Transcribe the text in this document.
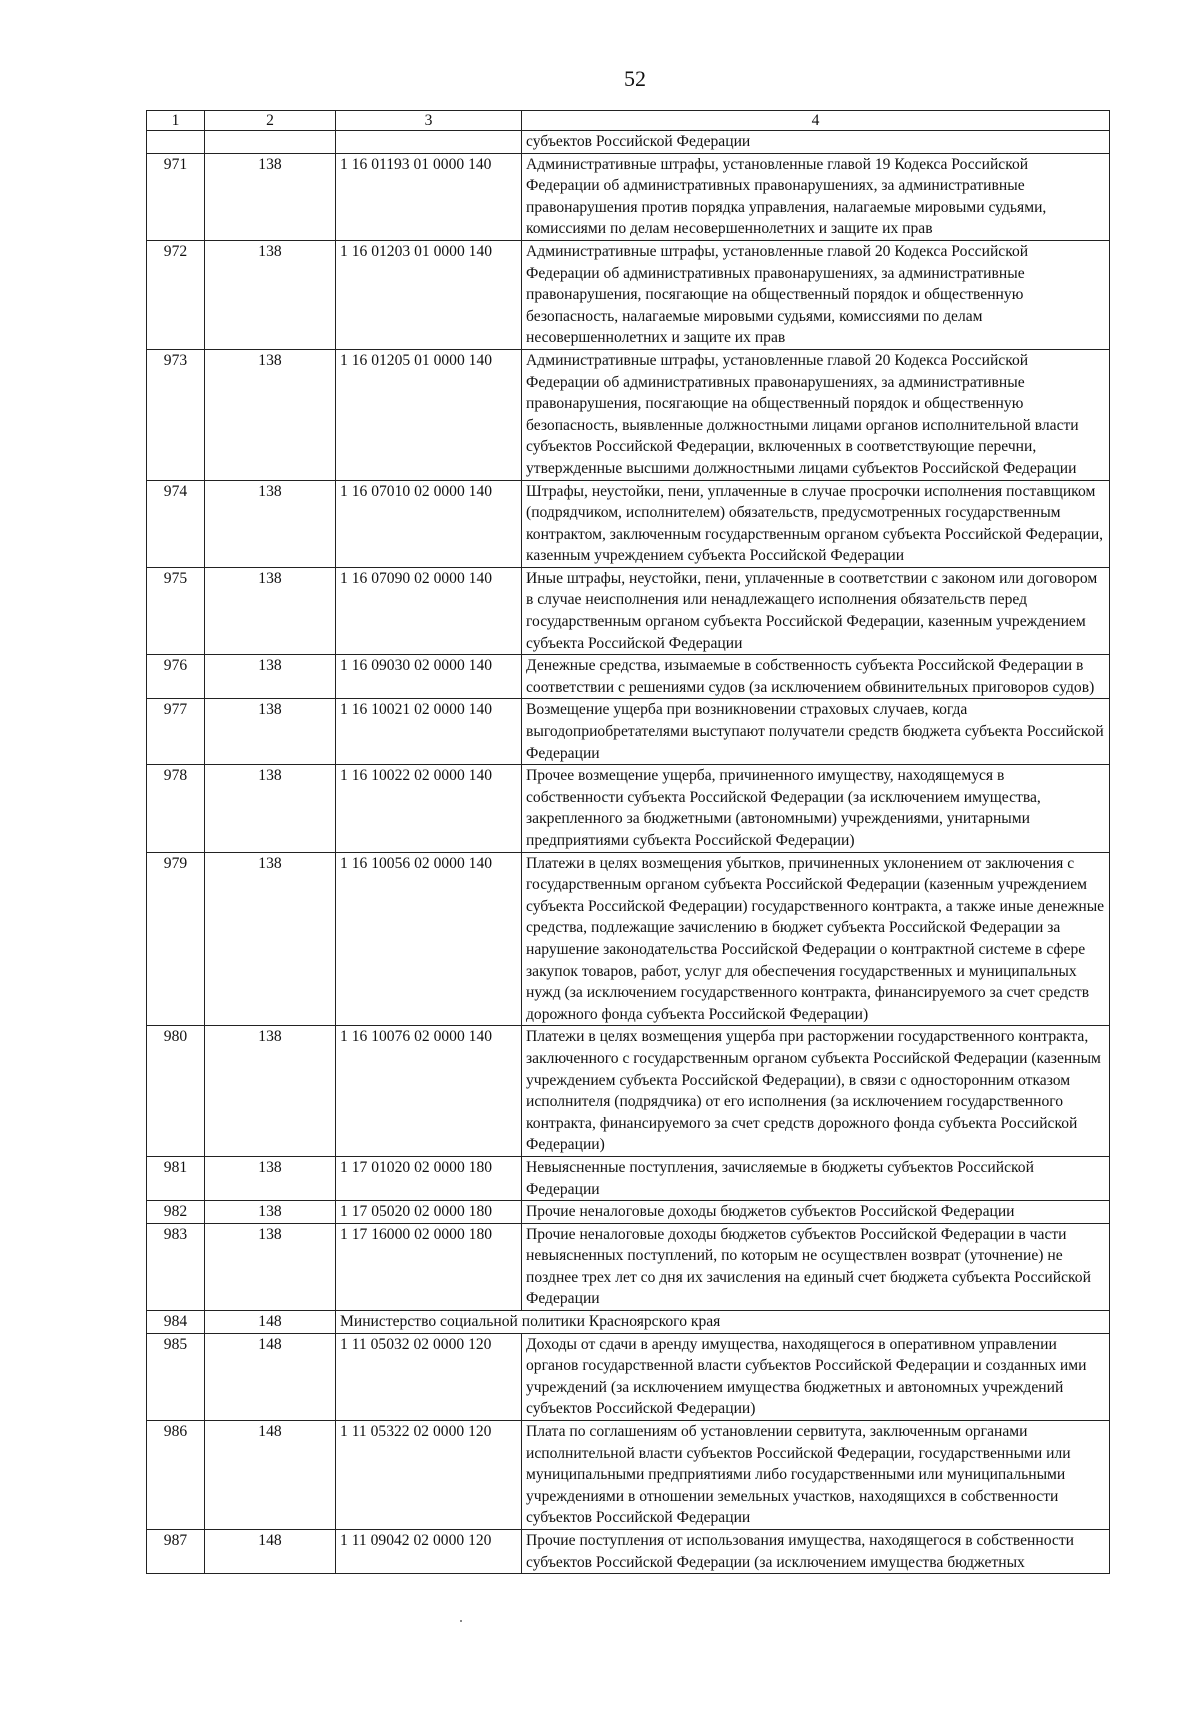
52
1	2	3	4
			субъектов Российской Федерации
971	138	1 16 01193 01 0000 140	Административные штрафы, установленные главой 19 Кодекса Российской Федерации об административных правонарушениях, за административные правонарушения против порядка управления, налагаемые мировыми судьями, комиссиями по делам несовершеннолетних и защите их прав
972	138	1 16 01203 01 0000 140	Административные штрафы, установленные главой 20 Кодекса Российской Федерации об административных правонарушениях, за административные правонарушения, посягающие на общественный порядок и общественную безопасность, налагаемые мировыми судьями, комиссиями по делам несовершеннолетних и защите их прав
973	138	1 16 01205 01 0000 140	Административные штрафы, установленные главой 20 Кодекса Российской Федерации об административных правонарушениях, за административные правонарушения, посягающие на общественный порядок и общественную безопасность, выявленные должностными лицами органов исполнительной власти субъектов Российской Федерации, включенных в соответствующие перечни, утвержденные высшими должностными лицами субъектов Российской Федерации
974	138	1 16 07010 02 0000 140	Штрафы, неустойки, пени, уплаченные в случае просрочки исполнения поставщиком (подрядчиком, исполнителем) обязательств, предусмотренных государственным контрактом, заключенным государственным органом субъекта Российской Федерации, казенным учреждением субъекта Российской Федерации
975	138	1 16 07090 02 0000 140	Иные штрафы, неустойки, пени, уплаченные в соответствии с законом или договором в случае неисполнения или ненадлежащего исполнения обязательств перед государственным органом субъекта Российской Федерации, казенным учреждением субъекта Российской Федерации
976	138	1 16 09030 02 0000 140	Денежные средства, изымаемые в собственность субъекта Российской Федерации в соответствии с решениями судов (за исключением обвинительных приговоров судов)
977	138	1 16 10021 02 0000 140	Возмещение ущерба при возникновении страховых случаев, когда выгодоприобретателями выступают получатели средств бюджета субъекта Российской Федерации
978	138	1 16 10022 02 0000 140	Прочее возмещение ущерба, причиненного имуществу, находящемуся в собственности субъекта Российской Федерации (за исключением имущества, закрепленного за бюджетными (автономными) учреждениями, унитарными предприятиями субъекта Российской Федерации)
979	138	1 16 10056 02 0000 140	Платежи в целях возмещения убытков, причиненных уклонением от заключения с государственным органом субъекта Российской Федерации (казенным учреждением субъекта Российской Федерации) государственного контракта, а также иные денежные средства, подлежащие зачислению в бюджет субъекта Российской Федерации за нарушение законодательства Российской Федерации о контрактной системе в сфере закупок товаров, работ, услуг для обеспечения государственных и муниципальных нужд (за исключением государственного контракта, финансируемого за счет средств дорожного фонда субъекта Российской Федерации)
980	138	1 16 10076 02 0000 140	Платежи в целях возмещения ущерба при расторжении государственного контракта, заключенного с государственным органом субъекта Российской Федерации (казенным учреждением субъекта Российской Федерации), в связи с односторонним отказом исполнителя (подрядчика) от его исполнения (за исключением государственного контракта, финансируемого за счет средств дорожного фонда субъекта Российской Федерации)
981	138	1 17 01020 02 0000 180	Невыясненные поступления, зачисляемые в бюджеты субъектов Российской Федерации
982	138	1 17 05020 02 0000 180	Прочие неналоговые доходы бюджетов субъектов Российской Федерации
983	138	1 17 16000 02 0000 180	Прочие неналоговые доходы бюджетов субъектов Российской Федерации в части невыясненных поступлений, по которым не осуществлен возврат (уточнение) не позднее трех лет со дня их зачисления на единый счет бюджета субъекта Российской Федерации
984	148	Министерство социальной политики Красноярского края	
985	148	1 11 05032 02 0000 120	Доходы от сдачи в аренду имущества, находящегося в оперативном управлении органов государственной власти субъектов Российской Федерации и созданных ими учреждений (за исключением имущества бюджетных и автономных учреждений субъектов Российской Федерации)
986	148	1 11 05322 02 0000 120	Плата по соглашениям об установлении сервитута, заключенным органами исполнительной власти субъектов Российской Федерации, государственными или муниципальными предприятиями либо государственными или муниципальными учреждениями в отношении земельных участков, находящихся в собственности субъектов Российской Федерации
987	148	1 11 09042 02 0000 120	Прочие поступления от использования имущества, находящегося в собственности субъектов Российской Федерации (за исключением имущества бюджетных
